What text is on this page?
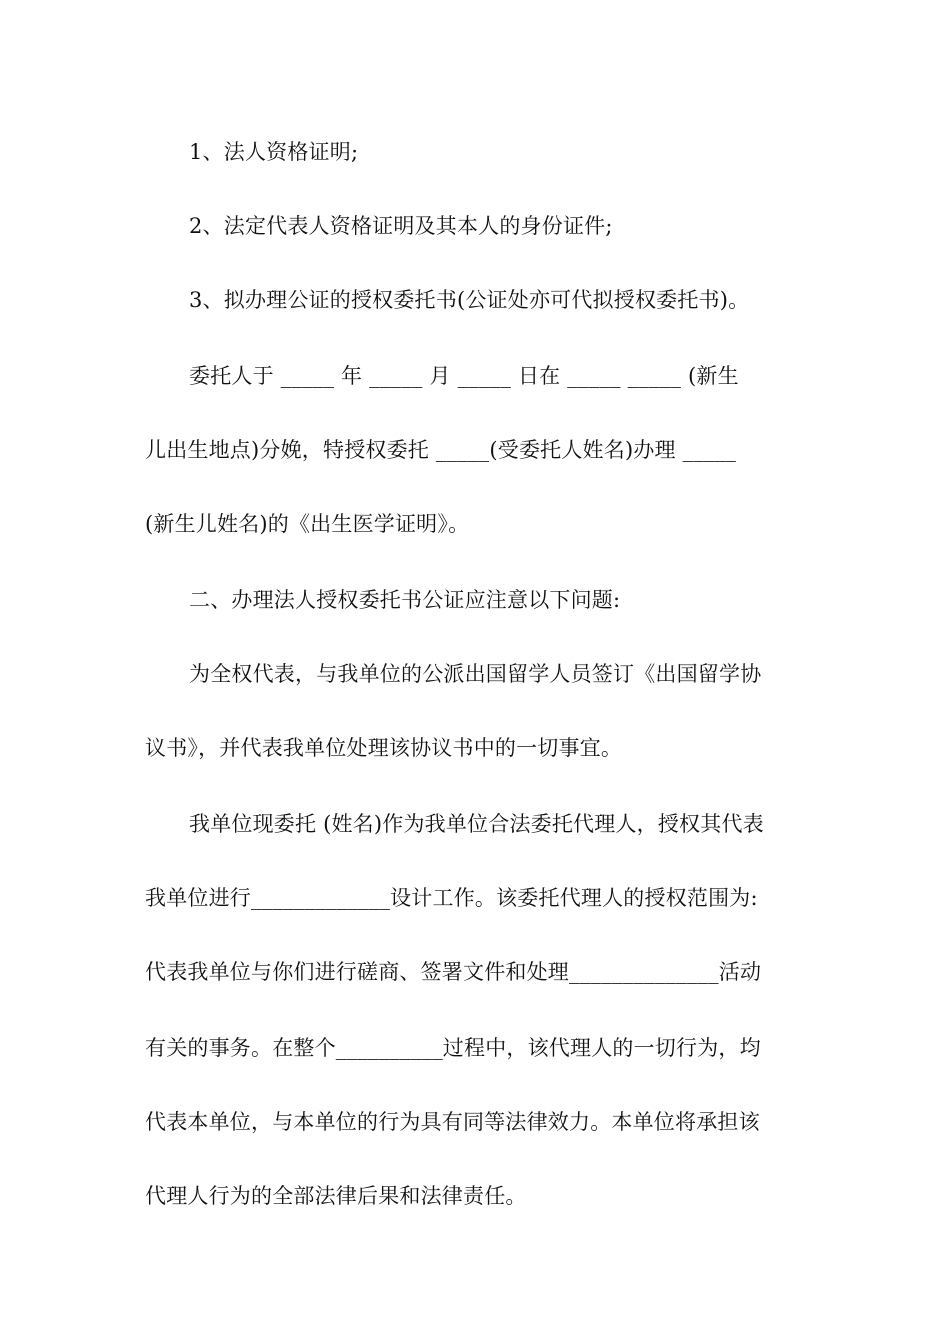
1、法人资格证明;
2、法定代表人资格证明及其本人的身份证件;
3、拟办理公证的授权委托书(公证处亦可代拟授权委托书)。
委托人于 _____ 年 _____ 月 _____ 日在 _____ _____ (新生
儿出生地点)分娩，特授权委托 _____(受委托人姓名)办理 _____
(新生儿姓名)的《出生医学证明》。
二、办理法人授权委托书公证应注意以下问题:
为全权代表，与我单位的公派出国留学人员签订《出国留学协
议书》，并代表我单位处理该协议书中的一切事宜。
我单位现委托 (姓名)作为我单位合法委托代理人，授权其代表
我单位进行_____________设计工作。该委托代理人的授权范围为:
代表我单位与你们进行磋商、签署文件和处理______________活动
有关的事务。在整个__________过程中，该代理人的一切行为，均
代表本单位，与本单位的行为具有同等法律效力。本单位将承担该
代理人行为的全部法律后果和法律责任。
